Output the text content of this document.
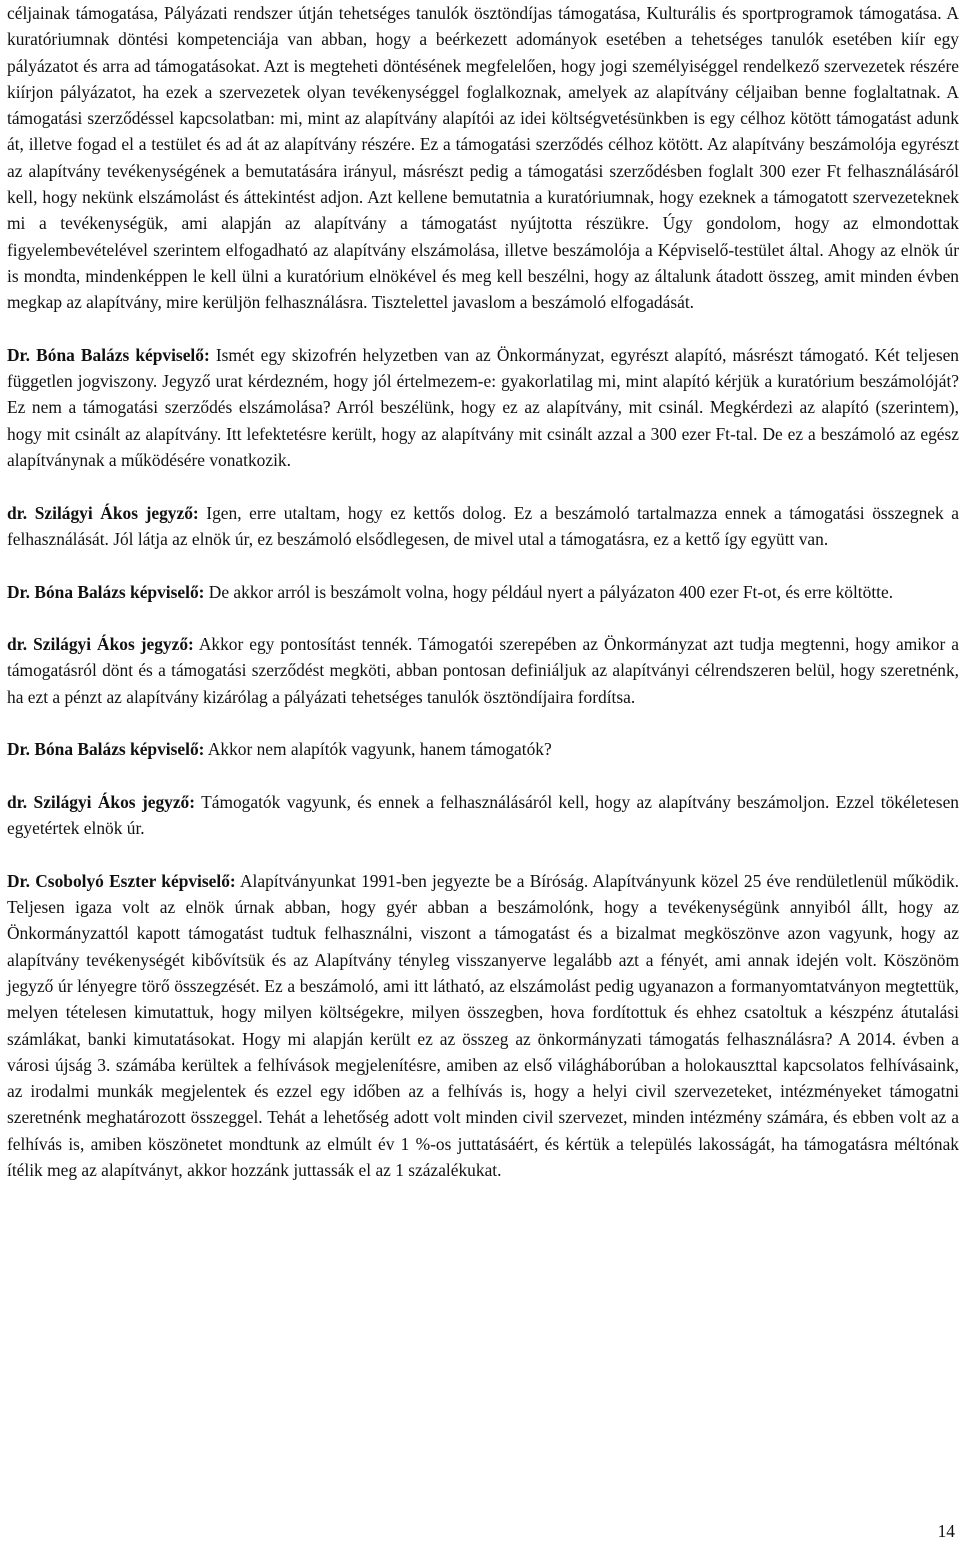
céljainak támogatása, Pályázati rendszer útján tehetséges tanulók ösztöndíjas támogatása, Kulturális és sportprogramok támogatása. A kuratóriumnak döntési kompetenciája van abban, hogy a beérkezett adományok esetében a tehetséges tanulók esetében kiír egy pályázatot és arra ad támogatásokat. Azt is megteheti döntésének megfelelően, hogy jogi személyiséggel rendelkező szervezetek részére kiírjon pályázatot, ha ezek a szervezetek olyan tevékenységgel foglalkoznak, amelyek az alapítvány céljaiban benne foglaltatnak. A támogatási szerződéssel kapcsolatban: mi, mint az alapítvány alapítói az idei költségvetésünkben is egy célhoz kötött támogatást adunk át, illetve fogad el a testület és ad át az alapítvány részére. Ez a támogatási szerződés célhoz kötött. Az alapítvány beszámolója egyrészt az alapítvány tevékenységének a bemutatására irányul, másrészt pedig a támogatási szerződésben foglalt 300 ezer Ft felhasználásáról kell, hogy nekünk elszámolást és áttekintést adjon. Azt kellene bemutatnia a kuratóriumnak, hogy ezeknek a támogatott szervezeteknek mi a tevékenységük, ami alapján az alapítvány a támogatást nyújtotta részükre. Úgy gondolom, hogy az elmondottak figyelembevételével szerintem elfogadható az alapítvány elszámolása, illetve beszámolója a Képviselő-testület által. Ahogy az elnök úr is mondta, mindenképpen le kell ülni a kuratórium elnökével és meg kell beszélni, hogy az általunk átadott összeg, amit minden évben megkap az alapítvány, mire kerüljön felhasználásra. Tisztelettel javaslom a beszámoló elfogadását.

Dr. Bóna Balázs képviselő: Ismét egy skizofrén helyzetben van az Önkormányzat, egyrészt alapító, másrészt támogató. Két teljesen független jogviszony. Jegyző urat kérdezném, hogy jól értelmezem-e: gyakorlatilag mi, mint alapító kérjük a kuratórium beszámolóját? Ez nem a támogatási szerződés elszámolása? Arról beszélünk, hogy ez az alapítvány, mit csinál. Megkérdezi az alapító (szerintem), hogy mit csinált az alapítvány. Itt lefektetésre került, hogy az alapítvány mit csinált azzal a 300 ezer Ft-tal. De ez a beszámoló az egész alapítványnak a működésére vonatkozik.

dr. Szilágyi Ákos jegyző: Igen, erre utaltam, hogy ez kettős dolog. Ez a beszámoló tartalmazza ennek a támogatási összegnek a felhasználását. Jól látja az elnök úr, ez beszámoló elsődlegesen, de mivel utal a támogatásra, ez a kettő így együtt van.

Dr. Bóna Balázs képviselő: De akkor arról is beszámolt volna, hogy például nyert a pályázaton 400 ezer Ft-ot, és erre költötte.

dr. Szilágyi Ákos jegyző: Akkor egy pontosítást tennék. Támogatói szerepében az Önkormányzat azt tudja megtenni, hogy amikor a támogatásról dönt és a támogatási szerződést megköti, abban pontosan definiáljuk az alapítványi célrendszeren belül, hogy szeretnénk, ha ezt a pénzt az alapítvány kizárólag a pályázati tehetséges tanulók ösztöndíjaira fordítsa.

Dr. Bóna Balázs képviselő: Akkor nem alapítók vagyunk, hanem támogatók?

dr. Szilágyi Ákos jegyző: Támogatók vagyunk, és ennek a felhasználásáról kell, hogy az alapítvány beszámoljon. Ezzel tökéletesen egyetértek elnök úr.

Dr. Csobolyó Eszter képviselő: Alapítványunkat 1991-ben jegyezte be a Bíróság. Alapítványunk közel 25 éve rendületlenül működik. Teljesen igaza volt az elnök úrnak abban, hogy gyér abban a beszámolónk, hogy a tevékenységünk annyiból állt, hogy az Önkormányzattól kapott támogatást tudtuk felhasználni, viszont a támogatást és a bizalmat megköszönve azon vagyunk, hogy az alapítvány tevékenységét kibővítsük és az Alapítvány tényleg visszanyerve legalább azt a fényét, ami annak idején volt. Köszönöm jegyző úr lényegre törő összegzését. Ez a beszámoló, ami itt látható, az elszámolást pedig ugyanazon a formanyomtatványon megtettük, melyen tételesen kimutattuk, hogy milyen költségekre, milyen összegben, hova fordítottuk és ehhez csatoltuk a készpénz átutalási számlákat, banki kimutatásokat. Hogy mi alapján került ez az összeg az önkormányzati támogatás felhasználásra? A 2014. évben a városi újság 3. számába kerültek a felhívások megjelenítésre, amiben az első világháborúban a holokauszttal kapcsolatos felhívásaink, az irodalmi munkák megjelentek és ezzel egy időben az a felhívás is, hogy a helyi civil szervezeteket, intézményeket támogatni szeretnénk meghatározott összeggel. Tehát a lehetőség adott volt minden civil szervezet, minden intézmény számára, és ebben volt az a felhívás is, amiben köszönetet mondtunk az elmúlt év 1 %-os juttatásáért, és kértük a település lakosságát, ha támogatásra méltónak ítélik meg az alapítványt, akkor hozzánk juttassák el az 1 százalékukat.

14
